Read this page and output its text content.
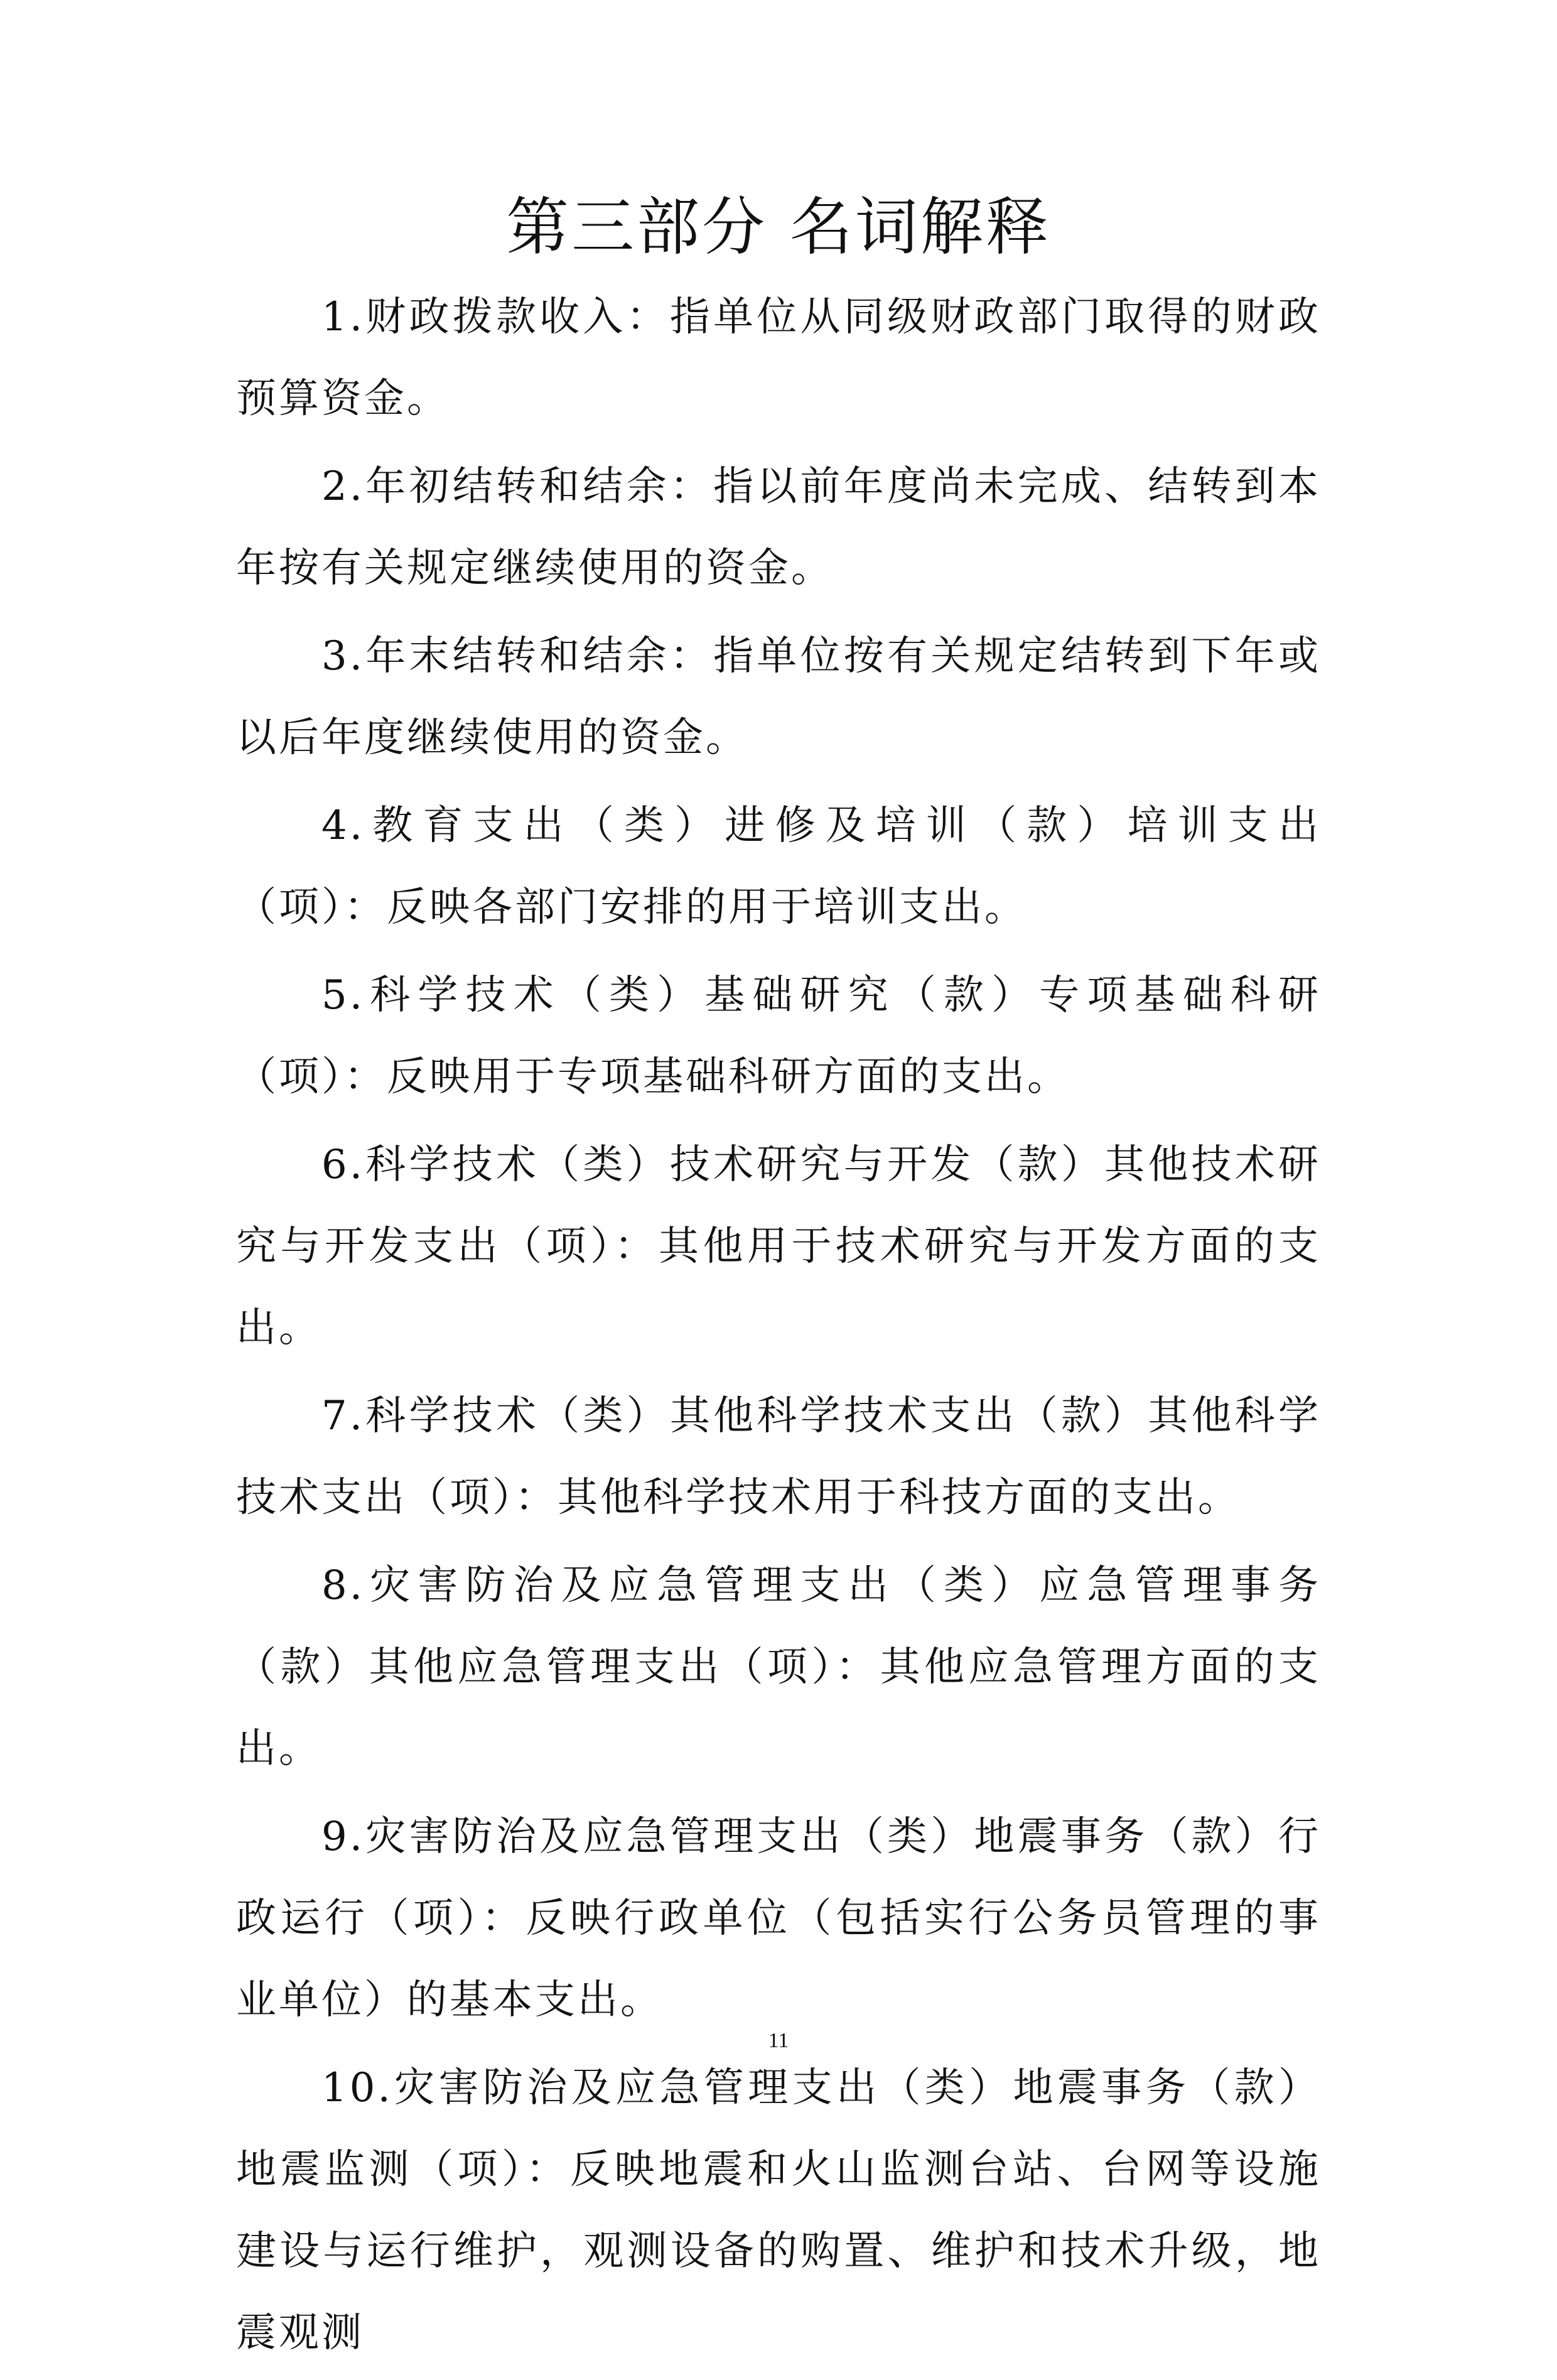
第三部分 名词解释

1.财政拨款收入：指单位从同级财政部门取得的财政预算资金。

2.年初结转和结余：指以前年度尚未完成、结转到本年按有关规定继续使用的资金。

3.年末结转和结余：指单位按有关规定结转到下年或以后年度继续使用的资金。

4.教育支出（类）进修及培训（款）培训支出（项）：反映各部门安排的用于培训支出。

5.科学技术（类）基础研究（款）专项基础科研（项）：反映用于专项基础科研方面的支出。

6.科学技术（类）技术研究与开发（款）其他技术研究与开发支出（项）：其他用于技术研究与开发方面的支出。

7.科学技术（类）其他科学技术支出（款）其他科学技术支出（项）：其他科学技术用于科技方面的支出。

8.灾害防治及应急管理支出（类）应急管理事务（款）其他应急管理支出（项）：其他应急管理方面的支出。

9.灾害防治及应急管理支出（类）地震事务（款）行政运行（项）：反映行政单位（包括实行公务员管理的事业单位）的基本支出。

10.灾害防治及应急管理支出（类）地震事务（款）地震监测（项）：反映地震和火山监测台站、台网等设施建设与运行维护，观测设备的购置、维护和技术升级，地震观测

11
